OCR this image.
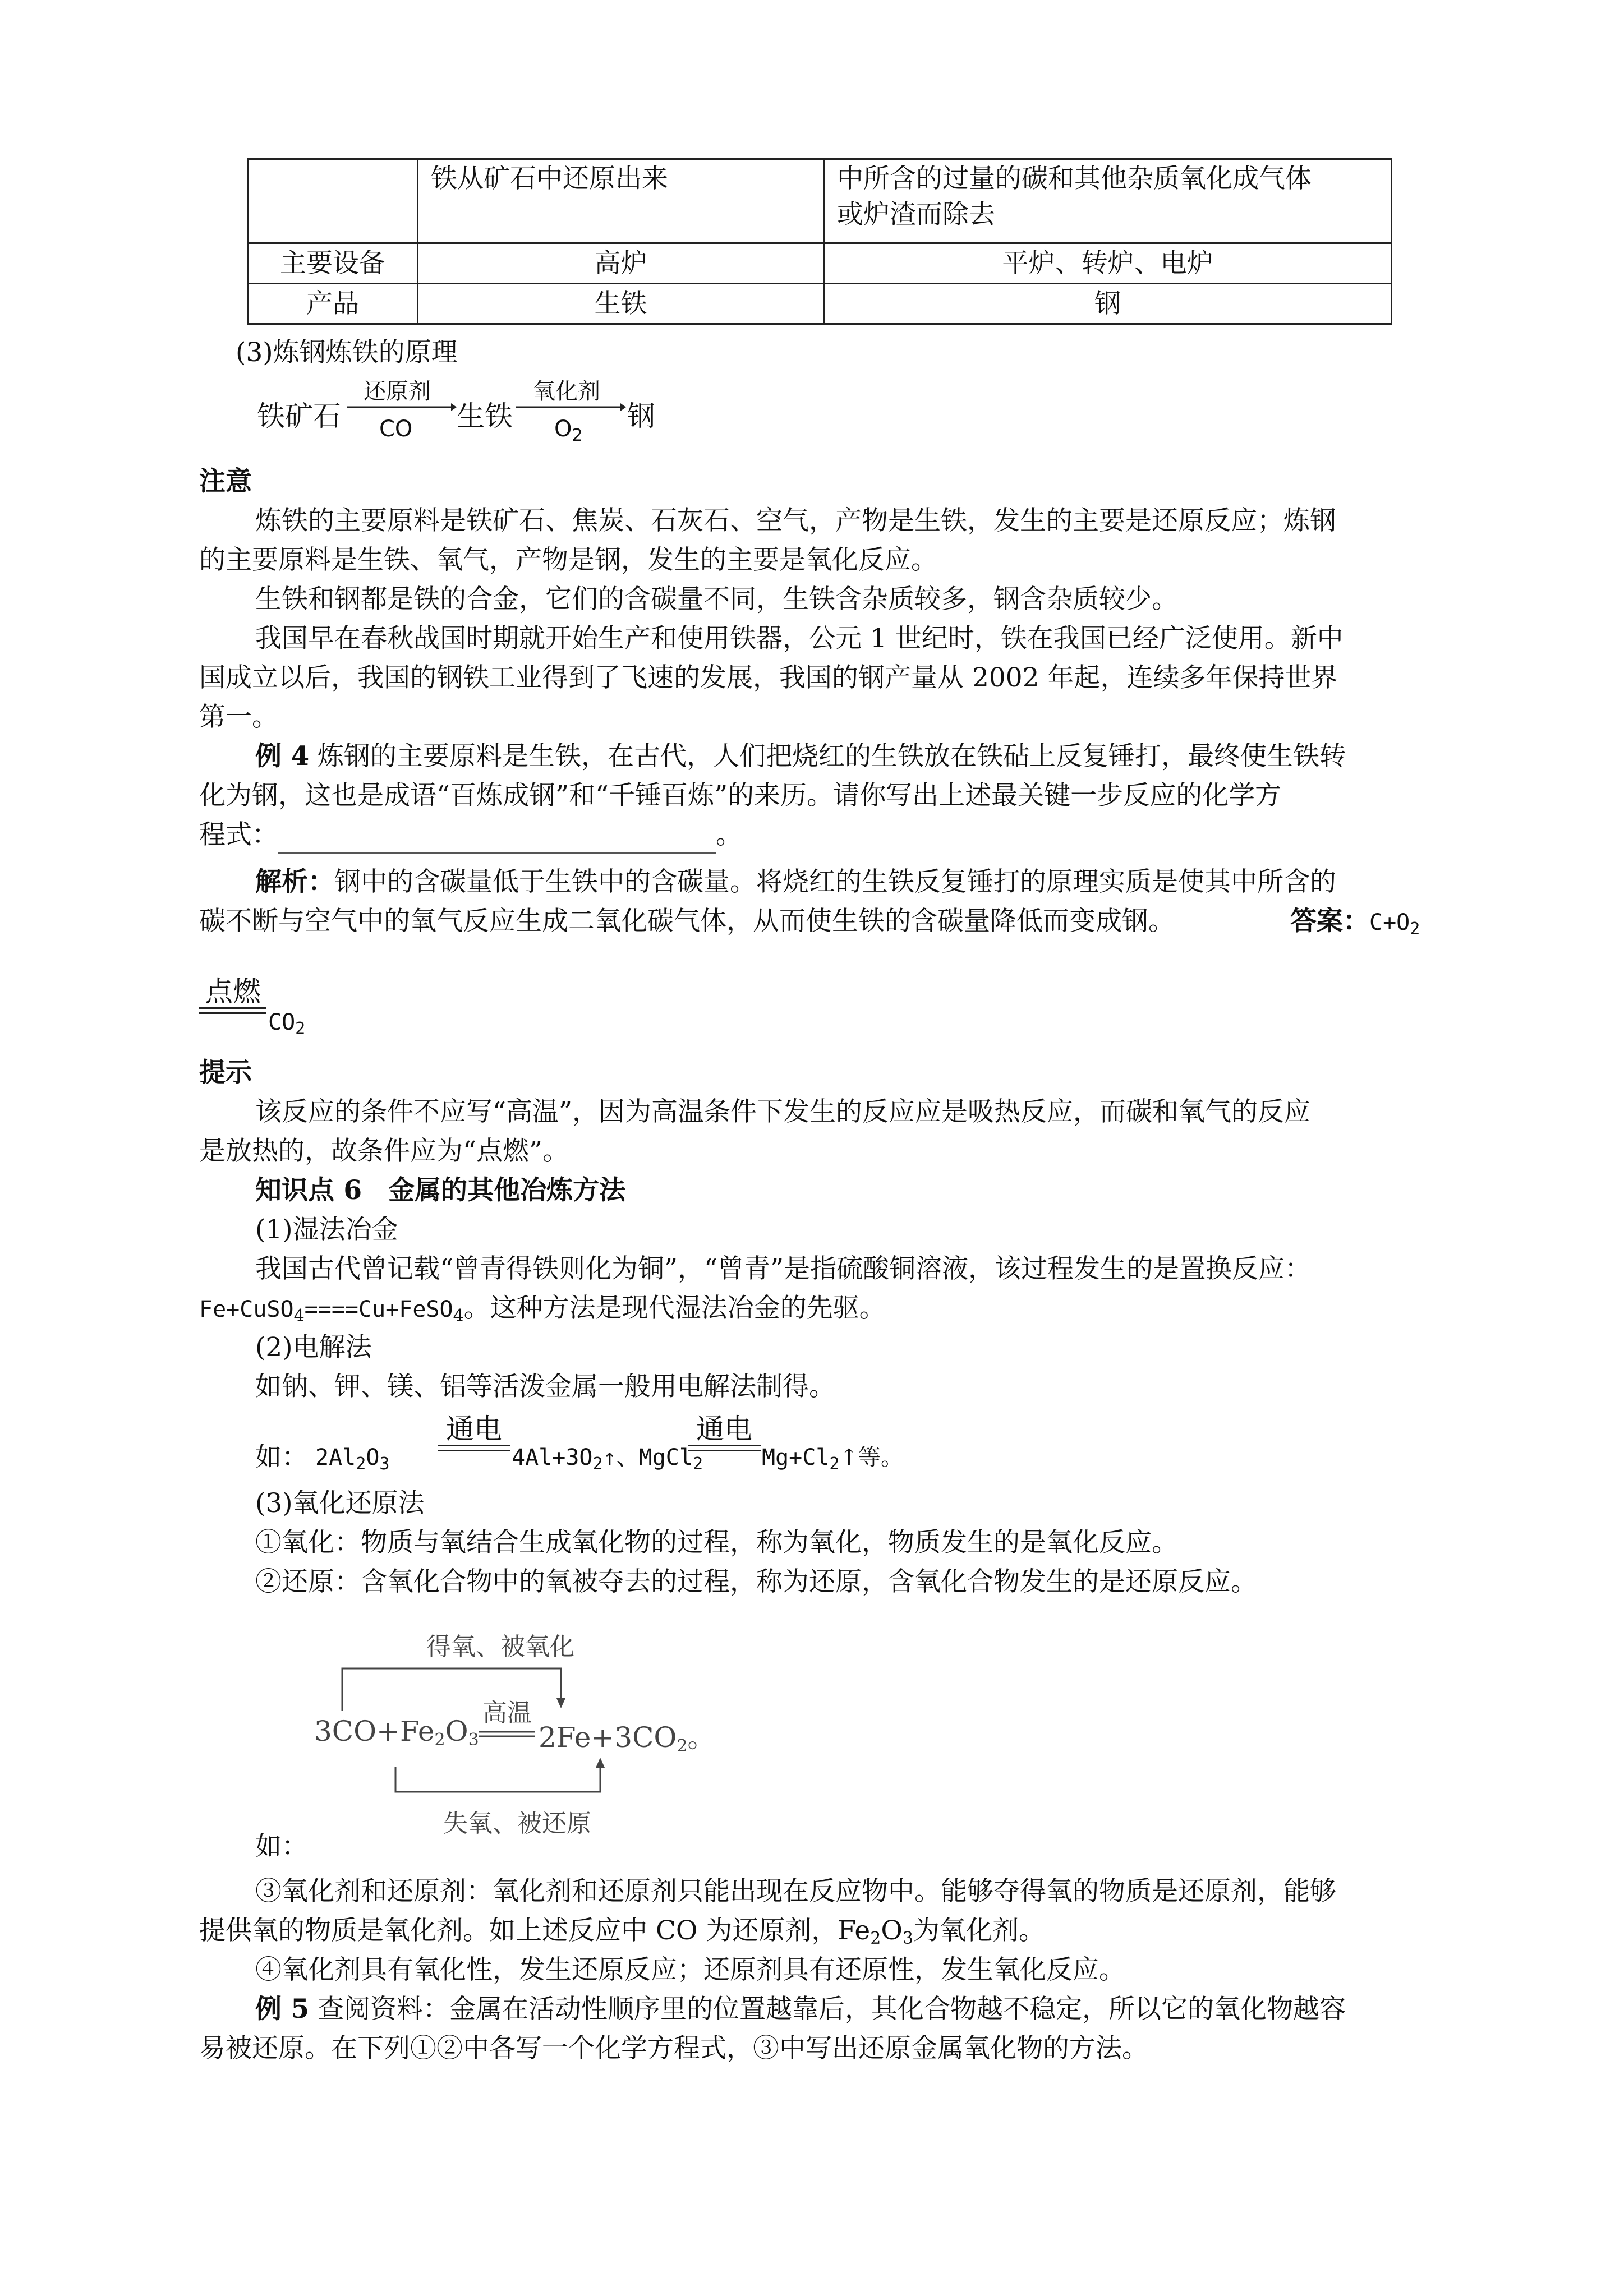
	铁从矿石中还原出来	中所含的过量的碳和其他杂质氧化成气体
或炉渣而除去

主要设备	高炉	平炉、转炉、电炉
产品	生铁	钢
(3)炼钢炼铁的原理
铁矿石
还原剂
CO 生铁
氧化剂
$O_2$
钢
注意
炼铁的主要原料是铁矿石、焦炭、石灰石、空气，产物是生铁，发生的主要是还原反应；炼钢
的主要原料是生铁、氧气，产物是钢，发生的主要是氧化反应。
生铁和钢都是铁的合金，它们的含碳量不同，生铁含杂质较多，钢含杂质较少。
我国早在春秋战国时期就开始生产和使用铁器，公元 1 世纪时，铁在我国已经广泛使用。新中
国成立以后，我国的钢铁工业得到了飞速的发展，我国的钢产量从 2002 年起，连续多年保持世界
第一。
例 4 炼钢的主要原料是生铁，在古代，人们把烧红的生铁放在铁砧上反复锤打，最终使生铁转
化为钢，这也是成语“百炼成钢”和“千锤百炼”的来历。请你写出上述最关键一步反应的化学方
程式：	。
解析：钢中的含碳量低于生铁中的含碳量。将烧红的生铁反复锤打的原理实质是使其中所含的
碳不断与空气中的氧气反应生成二氧化碳气体，从而使生铁的含碳量降低而变成钢。	答案：$C+O_2$
点燃
$CO_2$
提示
该反应的条件不应写“高温”，因为高温条件下发生的反应应是吸热反应，而碳和氧气的反应
是放热的，故条件应为“点燃”。
知识点 6　金属的其他冶炼方法
(1)湿法冶金
我国古代曾记载“曾青得铁则化为铜”，“曾青”是指硫酸铜溶液，该过程发生的是置换反应：
Fe+CuSO$_4$====Cu+FeSO$_4$。这种方法是现代湿法冶金的先驱。
(2)电解法
如钠、钾、镁、铝等活泼金属一般用电解法制得。
如： $2Al_2O_3$
通电
$4Al+3O_2↑$、MgCl$_2$
通电
$Mg+Cl_2↑$等。
(3)氧化还原法
①氧化：物质与氧结合生成氧化物的过程，称为氧化，物质发生的是氧化反应。
②还原：含氧化合物中的氧被夺去的过程，称为还原，含氧化合物发生的是还原反应。
得氧、被氧化
高温
$3CO+Fe_2O_3$ $2Fe+3CO_2$。
失氧、被还原
如：
③氧化剂和还原剂：氧化剂和还原剂只能出现在反应物中。能够夺得氧的物质是还原剂，能够
提供氧的物质是氧化剂。如上述反应中 CO 为还原剂，$Fe_2O_3$为氧化剂。
④氧化剂具有氧化性，发生还原反应；还原剂具有还原性，发生氧化反应。
例 5 查阅资料：金属在活动性顺序里的位置越靠后，其化合物越不稳定，所以它的氧化物越容
易被还原。在下列①②中各写一个化学方程式，③中写出还原金属氧化物的方法。
